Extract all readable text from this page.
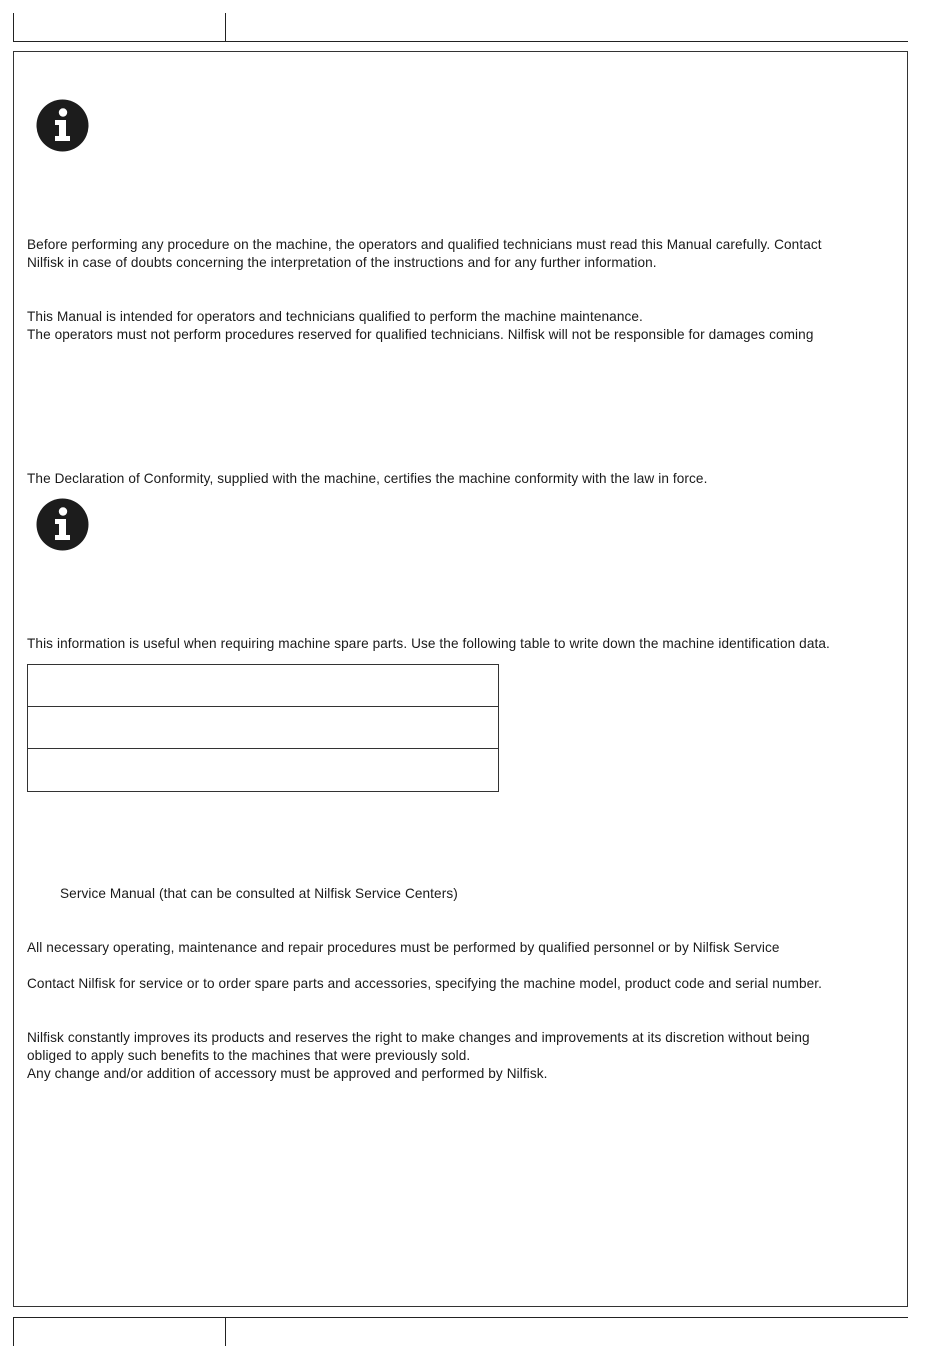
Before performing any procedure on the machine, the operators and qualified technicians must read this Manual carefully. Contact
Nilfisk in case of doubts concerning the interpretation of the instructions and for any further information.
This Manual is intended for operators and technicians qualified to perform the machine maintenance.
The operators must not perform procedures reserved for qualified technicians. Nilfisk will not be responsible for damages coming
The Declaration of Conformity, supplied with the machine, certifies the machine conformity with the law in force.
This information is useful when requiring machine spare parts. Use the following table to write down the machine identification data.
Service Manual (that can be consulted at Nilfisk Service Centers)
All necessary operating, maintenance and repair procedures must be performed by qualified personnel or by Nilfisk Service
Contact Nilfisk for service or to order spare parts and accessories, specifying the machine model, product code and serial number.
Nilfisk constantly improves its products and reserves the right to make changes and improvements at its discretion without being
obliged to apply such benefits to the machines that were previously sold.
Any change and/or addition of accessory must be approved and performed by Nilfisk.
